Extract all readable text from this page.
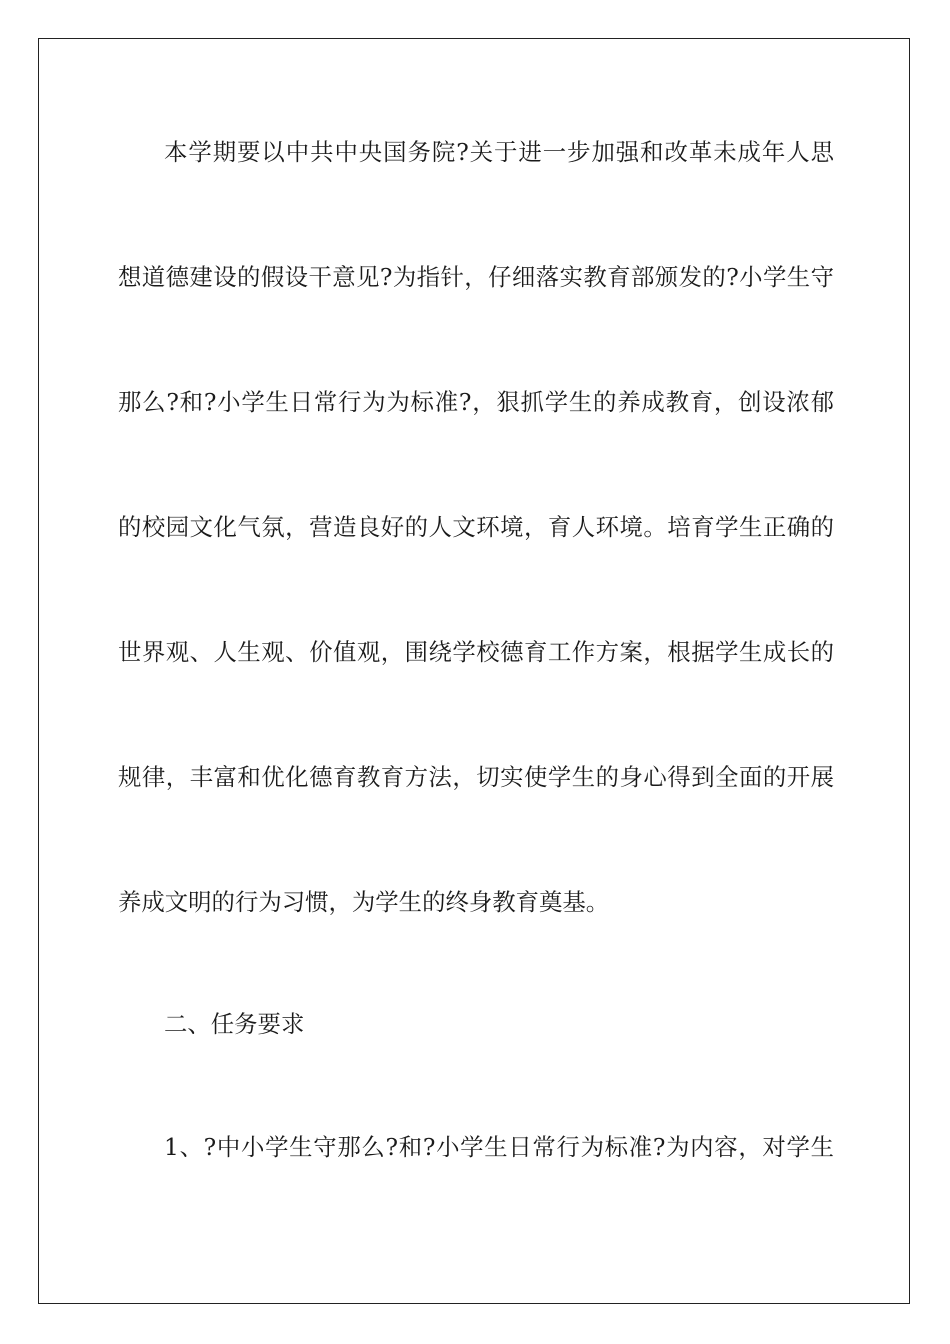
本学期要以中共中央国务院?关于进一步加强和改革未成年人思
想道德建设的假设干意见?为指针，仔细落实教育部颁发的?小学生守
那么?和?小学生日常行为为标准?，狠抓学生的养成教育，创设浓郁
的校园文化气氛，营造良好的人文环境，育人环境。培育学生正确的
世界观、人生观、价值观，围绕学校德育工作方案，根据学生成长的
规律，丰富和优化德育教育方法，切实使学生的身心得到全面的开展
养成文明的行为习惯，为学生的终身教育奠基。
二、任务要求
1、?中小学生守那么?和?小学生日常行为标准?为内容，对学生
